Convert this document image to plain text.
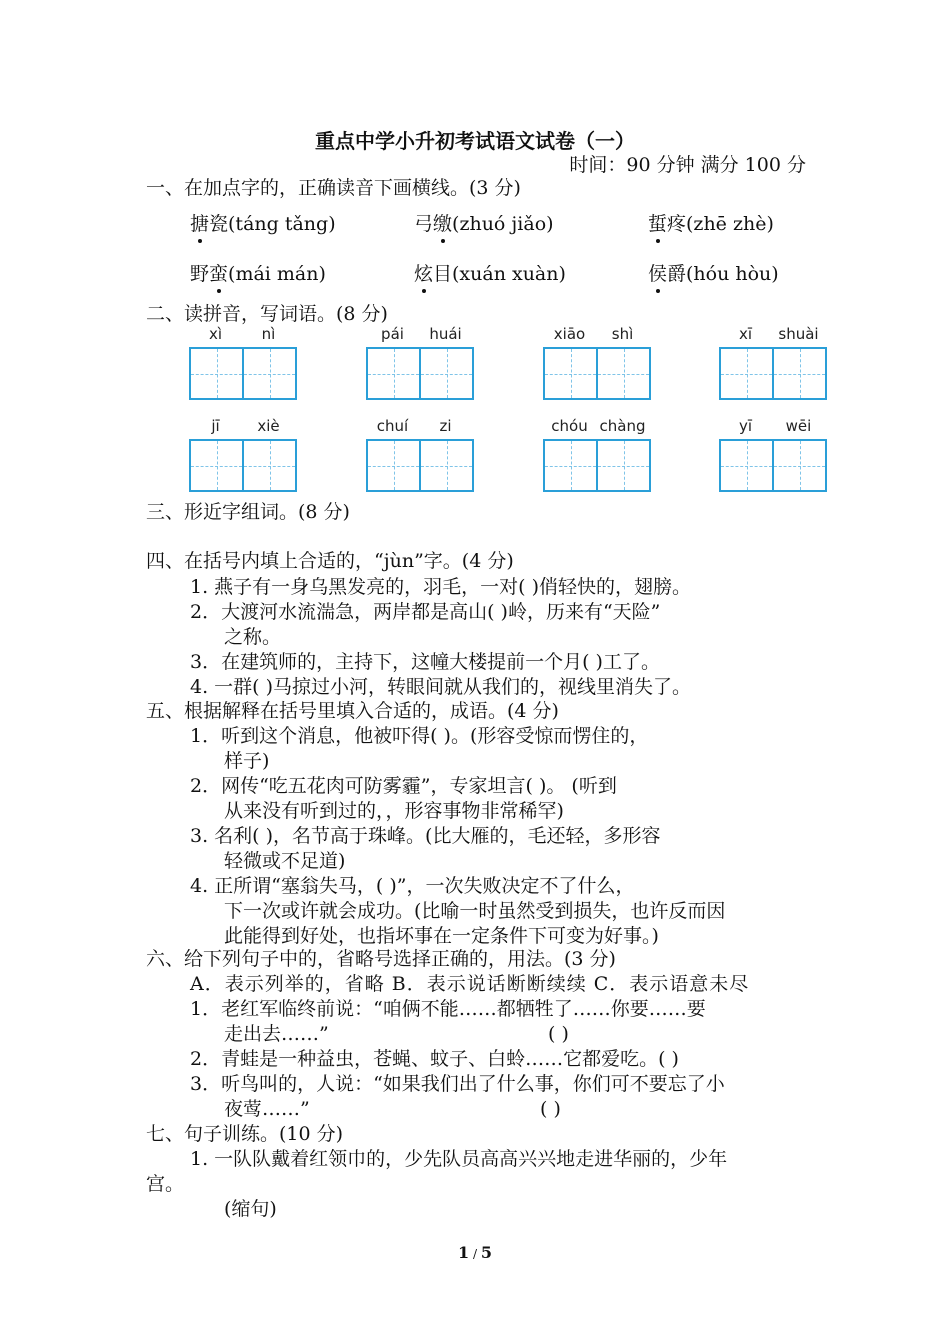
重点中学小升初考试语文试卷（一）
时间：90 分钟 满分 100 分
一、在加点字的，正确读音下画横线。(3 分)
搪瓷(táng tǎng)	弓缴(zhuó jiǎo)	蜇疼(zhē zhè)
野蛮(mái mán)	炫目(xuán xuàn)	侯爵(hóu hòu)
二、读拼音，写词语。(8 分)
xì	nì	pái	huái	xiāo	shì	xī	shuài
jī	xiè	chuí	zi	chóu chàng	yī	wēi
三、形近字组词。(8 分)
四、在括号内填上合适的，“jùn”字。(4 分)
1. 燕子有一身乌黑发亮的，羽毛，一对( )俏轻快的，翅膀。
2．大渡河水流湍急，两岸都是高山( )岭，历来有“天险”
之称。
3．在建筑师的，主持下，这幢大楼提前一个月( )工了。
4. 一群( )马掠过小河，转眼间就从我们的，视线里消失了。
五、根据解释在括号里填入合适的，成语。(4 分)
1．听到这个消息，他被吓得( )。(形容受惊而愣住的，
样子)
2．网传“吃五花肉可防雾霾”，专家坦言( )。 (听到
从来没有听到过的，，形容事物非常稀罕)
3. 名利( )，名节高于珠峰。(比大雁的，毛还轻，多形容
轻微或不足道)
4. 正所谓“塞翁失马，( )”，一次失败决定不了什么，
下一次或许就会成功。(比喻一时虽然受到损失，也许反而因
此能得到好处，也指坏事在一定条件下可变为好事。)
六、给下列句子中的，省略号选择正确的，用法。(3 分)
A．表示列举的，省略 B．表示说话断断续续 C．表示语意未尽
1．老红军临终前说：“咱俩不能……都牺牲了……你要……要
走出去……”	( )
2．青蛙是一种益虫，苍蝇、蚊子、白蛉……它都爱吃。( )
3．听鸟叫的，人说：“如果我们出了什么事，你们可不要忘了小
夜莺……”	( )
七、句子训练。(10 分)
1. 一队队戴着红领巾的，少先队员高高兴兴地走进华丽的，少年
宫。
(缩句)
1 / 5
